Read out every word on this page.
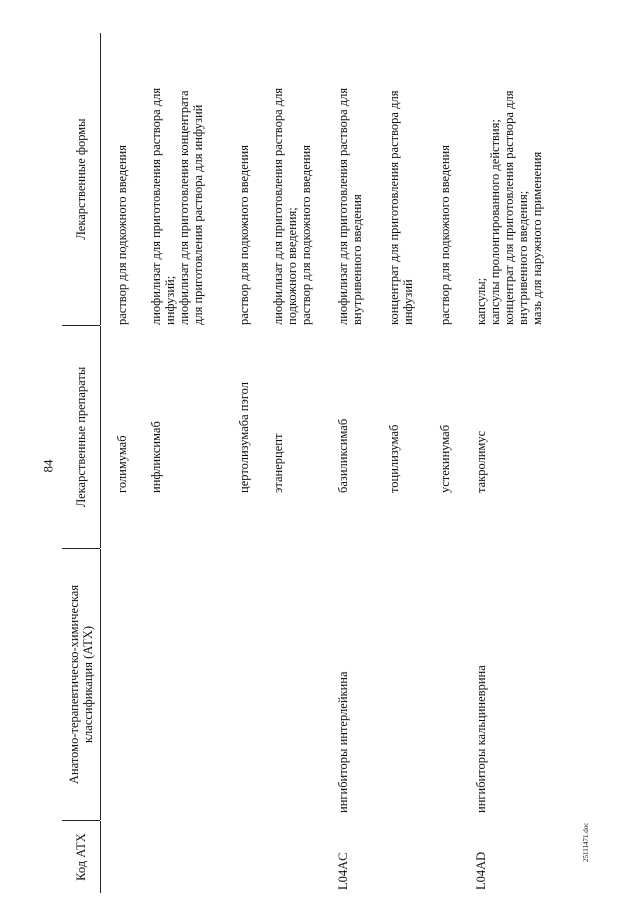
84
25111471.doc
Код АТХ
Анатомо-терапевтическо-химическая классификация (АТХ)
Лекарственные препараты
Лекарственные формы
голимумаб
раствор для подкожного введения
инфликсимаб
лиофилизат для приготовления раствора для
инфузий;
лиофилизат для приготовления концентрата
для приготовления раствора для инфузий
цертолизумаба пэгол
раствор для подкожного введения
этанерцепт
лиофилизат для приготовления раствора для
подкожного введения;
раствор для подкожного введения
L04AC
ингибиторы интерлейкина
базиликсимаб
лиофилизат для приготовления раствора для
внутривенного введения
тоцилизумаб
концентрат для приготовления раствора для
инфузий
устекинумаб
раствор для подкожного введения
L04AD
ингибиторы кальциневрина
такролимус
капсулы;
капсулы пролонгированного действия;
концентрат для приготовления раствора для
внутривенного введения;
мазь для наружного применения
